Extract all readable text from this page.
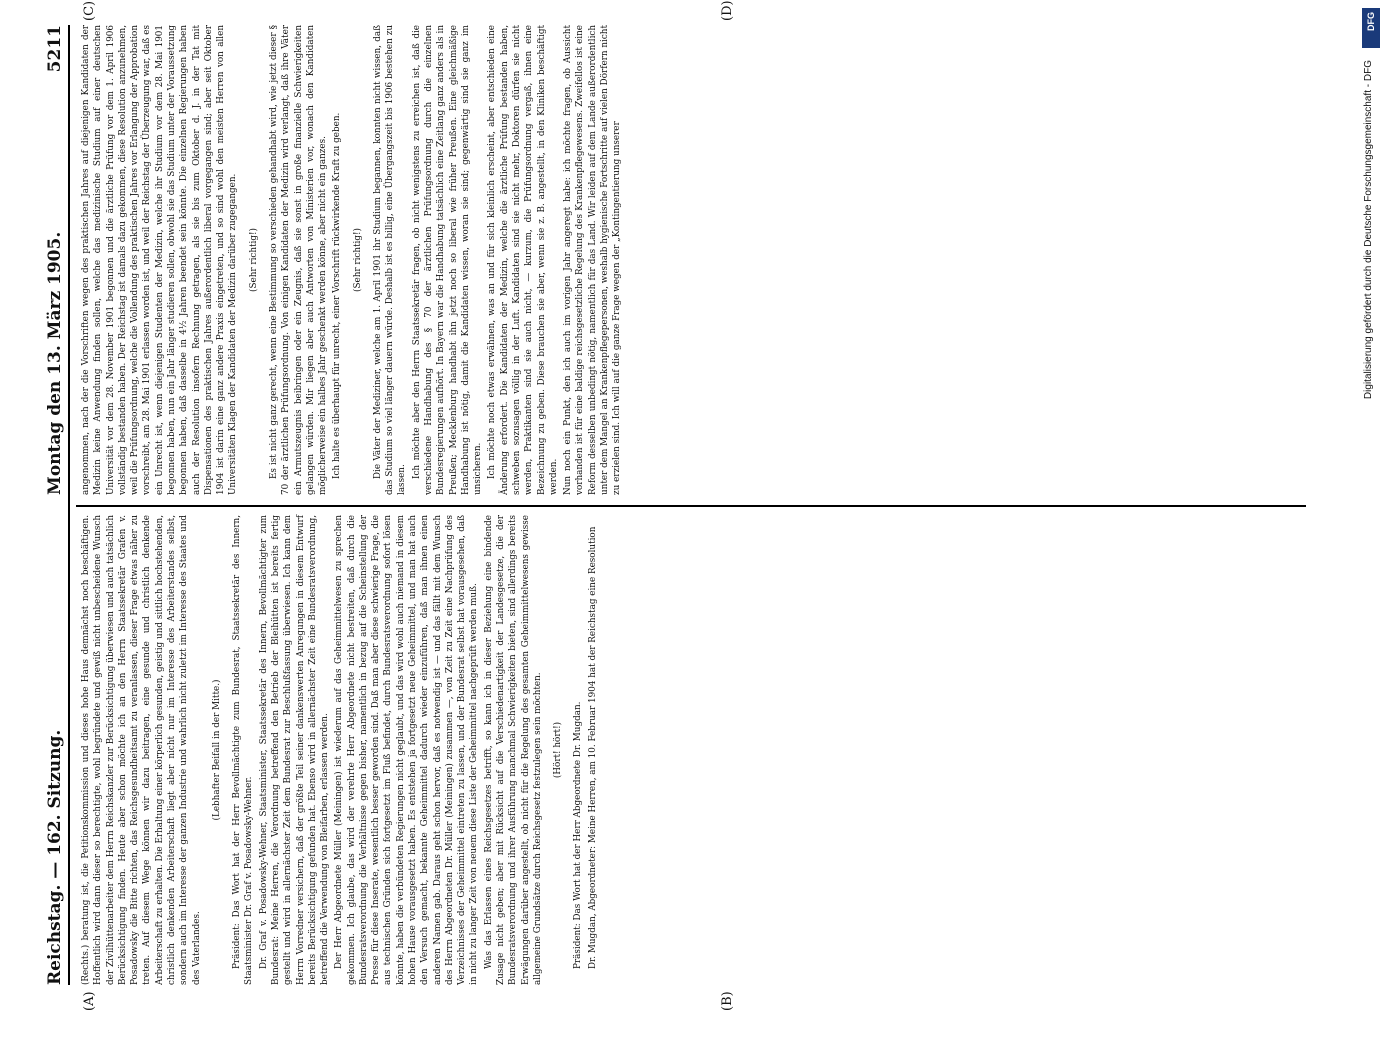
Reichstag. — 162. Sitzung.
Montag den 13. März 1905.
5211

(Rechts.) beratung ist, die Petitionskommission und dieses hohe Haus demnächst noch beschäftigen. Hoffentlich wird dann dieser so berechtigte, wohl begründete und gewiß nicht unbescheidene Wunsch der Zivilhüttenarbeiter dem Herrn Reichskanzler zur Berücksichtigung überwiesen und auch tatsächlich Berücksichtigung finden. Heute aber schon möchte ich an den Herrn Staatssekretär Grafen v. Posadowsky die Bitte richten, das Reichsgesundheitsamt zu veranlassen, dieser Frage etwas näher zu treten. Auf diesem Wege können wir dazu beitragen, eine gesunde und christlich denkende Arbeiterschaft zu erhalten. Die Erhaltung einer körperlich gesunden, geistig und sittlich hochstehenden, christlich denkenden Arbeiterschaft liegt aber nicht nur im Interesse des Arbeiterstandes selbst, sondern auch im Interesse der ganzen Industrie und wahrlich nicht zuletzt im Interesse des Staates und des Vaterlandes.

(Lebhafter Beifall in der Mitte.) Präsident: Das Wort hat der Herr Bevollmächtigte zum Bundesrat, Staatssekretär des Innern, Staatsminister Dr. Graf v. Posadowsky-Wehner. Dr. Graf v. Posadowsky-Wehner, Staatsminister, Staatssekretär des Innern, Bevollmächtigter zum Bundesrat: Meine Herren, die Verordnung betreffend den Betrieb der Bleihütten ist bereits fertig gestellt und wird in allernächster Zeit dem Bundesrat zur Beschlußfassung überwiesen. Ich kann dem Herrn Vorredner versichern, daß der größte Teil seiner dankenswerten Anregungen in diesem Entwurf bereits Berücksichtigung gefunden hat. Ebenso wird in allernächster Zeit eine Bundesratsverordnung, betreffend die Verwendung von Bleifarben, erlassen werden. Der Herr Abgeordnete Müller (Meiningen) ist wiederum auf das Geheimmittelwesen zu sprechen gekommen. Ich glaube, das wird der verehrte Herr Abgeordnete nicht bestreiten, daß durch die Bundesratsverordnung die Verhältnisse gegen bisher, namentlich in bezug auf die Scheinstellung der Presse für diese Inserate, wesentlich besser geworden sind. Daß man aber diese schwierige Frage, die aus technischen Gründen sich fortgesetzt im Fluß befindet, durch Bundesratsverordnung sofort lösen könnte, haben die verbündeten Regierungen nicht geglaubt, und das wird wohl auch niemand in diesem hohen Hause vorausgesetzt haben. Es entstehen ja fortgesetzt neue Geheimmittel, und man hat auch den Versuch gemacht, bekannte Geheimmittel dadurch wieder einzuführen, daß man ihnen einen anderen Namen gab. Daraus geht schon hervor, daß es notwendig ist — und das fällt mit dem Wunsch des Herrn Abgeordneten Dr. Müller (Meiningen) zusammen —, von Zeit zu Zeit eine Nachprüfung des Verzeichnisses der Geheimmittel eintreten zu lassen, und der Bundesrat selbst hat vorausgesehen, daß in nicht zu langer Zeit von neuem diese Liste der Geheimmittel nachgeprüft werden muß. Was das Erlassen eines Reichsgesetzes betrifft, so kann ich in dieser Beziehung eine bindende Zusage nicht geben; aber mit Rücksicht auf die Verschiedenartigkeit der Landesgesetze, die der Bundesratsverordnung und ihrer Ausführung manchmal Schwierigkeiten bieten, sind allerdings bereits Erwägungen darüber angestellt, ob nicht für die Regelung des gesamten Geheimmittelwesens gewisse allgemeine Grundsätze durch Reichsgesetz festzulegen sein möchten. (Hört! hört!) Präsident: Das Wort hat der Herr Abgeordnete Dr. Mugdan. Dr. Mugdan, Abgeordneter: Meine Herren, am 10. Februar 1904 hat der Reichstag eine Resolution

angenommen, nach der die Vorschriften wegen des praktischen Jahres auf diejenigen Kandidaten der Medizin keine Anwendung finden sollen, welche das medizinische Studium auf einer deutschen Universität vor dem 28. November 1901 begonnen und die ärztliche Prüfung vor dem 1. April 1906 vollständig bestanden haben. Der Reichstag ist damals dazu gekommen, diese Resolution anzunehmen, weil die Prüfungsordnung, welche die Vollendung des praktischen Jahres vor Erlangung der Approbation vorschreibt, am 28. Mai 1901 erlassen worden ist, und weil der Reichstag der Überzeugung war, daß es ein Unrecht ist, wenn diejenigen Studenten der Medizin, welche ihr Studium vor dem 28. Mai 1901 begonnen haben, nun ein Jahr länger studieren sollen, obwohl sie das Studium unter der Voraussetzung begonnen haben, daß dasselbe in 4½ Jahren beendet sein könnte. Die einzelnen Regierungen haben auch der Resolution insofern Rechnung getragen, als sie bis zum Oktober d. J. in der Tat mit Dispensationen des praktischen Jahres außerordentlich liberal vorgegangen sind; aber seit Oktober 1904 ist darin eine ganz andere Praxis eingetreten, und so sind wohl den meisten Herren von allen Universitäten Klagen der Kandidaten der Medizin darüber zugegangen. (Sehr richtig!) Es ist nicht ganz gerecht, wenn eine Bestimmung so verschieden gehandhabt wird, wie jetzt dieser § 70 der ärztlichen Prüfungsordnung. Von einigen Kandidaten der Medizin wird verlangt, daß ihre Väter ein Armutszeugnis beibringen oder ein Zeugnis, daß sie sonst in große finanzielle Schwierigkeiten gelangen würden. Mir liegen aber auch Antworten von Ministerien vor, wonach den Kandidaten möglicherweise ein halbes Jahr geschenkt werden könne, aber nicht ein ganzes. Ich halte es überhaupt für unrecht, einer Vorschrift rückwirkende Kraft zu geben. (Sehr richtig!) Die Väter der Mediziner, welche am 1. April 1901 ihr Studium begannen, konnten nicht wissen, daß das Studium so viel länger dauern würde. Deshalb ist es billig, eine Übergangszeit bis 1906 bestehen zu lassen.

Ich möchte aber den Herrn Staatssekretär fragen, ob nicht wenigstens zu erreichen ist, daß die verschiedene Handhabung des § 70 der ärztlichen Prüfungsordnung durch die einzelnen Bundesregierungen aufhört. In Bayern war die Handhabung tatsächlich eine Zeitlang ganz anders als in Preußen; Mecklenburg handhabt ihn jetzt noch so liberal wie früher Preußen. Eine gleichmäßige Handhabung ist nötig, damit die Kandidaten wissen, woran sie sind; gegenwärtig sind sie ganz im unsicheren. Ich möchte noch etwas erwähnen, was an und für sich kleinlich erscheint, aber entschieden eine Änderung erfordert. Die Kandidaten der Medizin, welche die ärztliche Prüfung bestanden haben, schweben sozusagen völlig in der Luft. Kandidaten sind sie nicht mehr, Doktoren dürfen sie nicht werden, Praktikanten sind sie auch nicht, — kurzum, die Prüfungsordnung vergaß, ihnen eine Bezeichnung zu geben. Diese brauchen sie aber, wenn sie z. B. angestellt, in den Kliniken beschäftigt werden. Nun noch ein Punkt, den ich auch im vorigen Jahr angeregt habe: ich möchte fragen, ob Aussicht vorhanden ist für eine baldige reichsgesetzliche Regelung des Krankenpflegewesens. Zweifellos ist eine Reform desselben unbedingt nötig, namentlich für das Land. Wir leiden auf dem Lande außerordentlich unter dem Mangel an Krankenpflegepersonen, weshalb hygienische Fortschritte auf vielen Dörfern nicht zu erzielen sind. Ich will auf die ganze Frage wegen der „Kontingentierung unserer

(A)	(B)
(C)	(D)
DFG
Digitalisierung gefördert durch die Deutsche Forschungsgemeinschaft - DFG
